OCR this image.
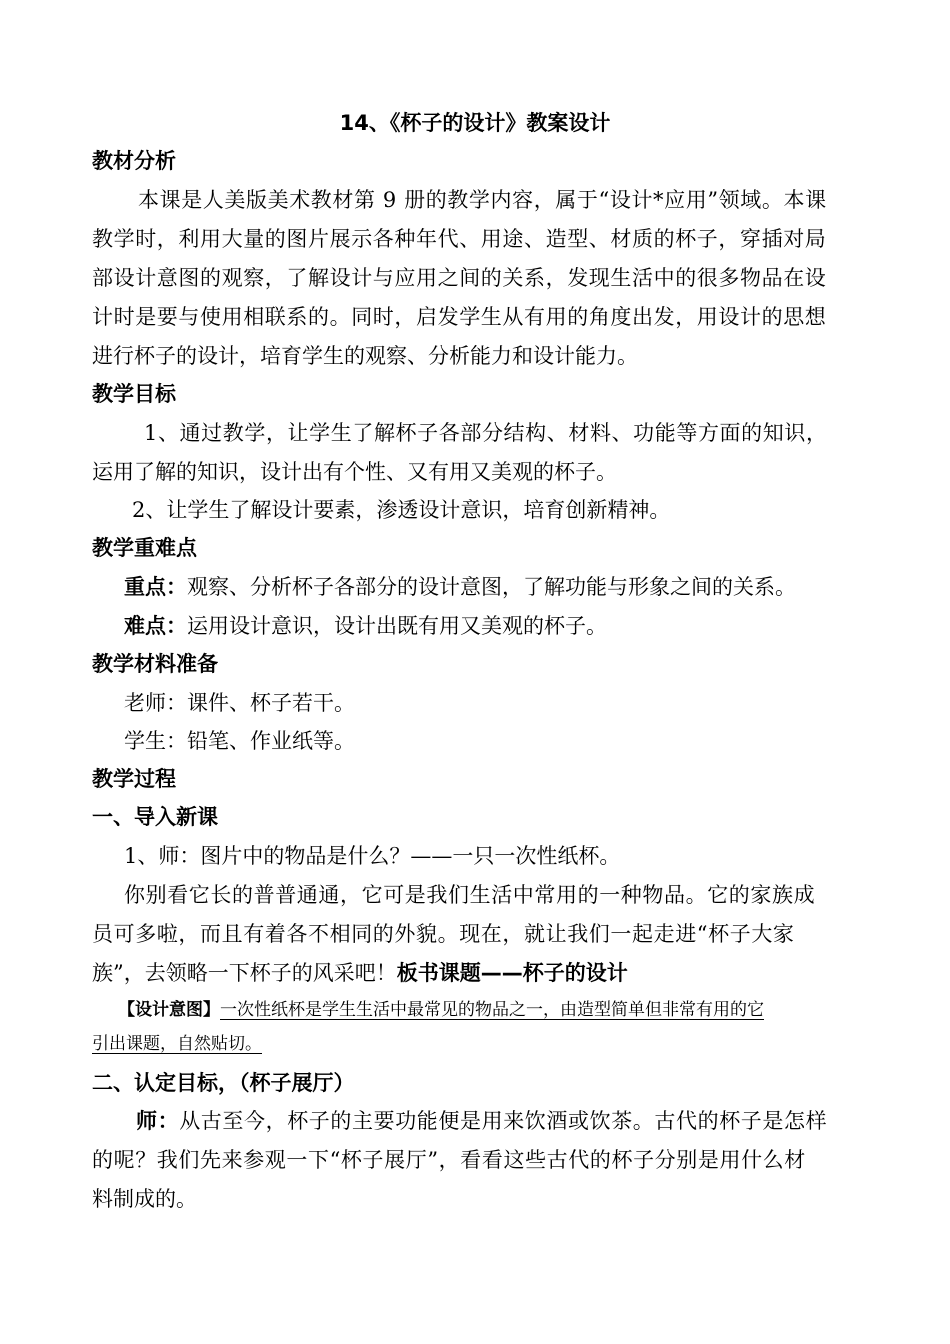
14、《杯子的设计》教案设计
教材分析
本课是人美版美术教材第 9 册的教学内容，属于“设计*应用”领域。本课
教学时，利用大量的图片展示各种年代、用途、造型、材质的杯子，穿插对局
部设计意图的观察，了解设计与应用之间的关系，发现生活中的很多物品在设
计时是要与使用相联系的。同时，启发学生从有用的角度出发，用设计的思想
进行杯子的设计，培育学生的观察、分析能力和设计能力。
教学目标
1、通过教学，让学生了解杯子各部分结构、材料、功能等方面的知识，
运用了解的知识，设计出有个性、又有用又美观的杯子。
2、让学生了解设计要素，渗透设计意识，培育创新精神。
教学重难点
重点：观察、分析杯子各部分的设计意图，了解功能与形象之间的关系。
难点：运用设计意识，设计出既有用又美观的杯子。
教学材料准备
老师：课件、杯子若干。
学生：铅笔、作业纸等。
教学过程
一、导入新课
1、师：图片中的物品是什么？——一只一次性纸杯。
你别看它长的普普通通，它可是我们生活中常用的一种物品。它的家族成
员可多啦，而且有着各不相同的外貌。现在，就让我们一起走进“杯子大家
族”，去领略一下杯子的风采吧！板书课题——杯子的设计
【设计意图】一次性纸杯是学生生活中最常见的物品之一，由造型简单但非常有用的它
引出课题，自然贴切。
二、认定目标，（杯子展厅）
师：从古至今，杯子的主要功能便是用来饮酒或饮茶。古代的杯子是怎样
的呢？我们先来参观一下“杯子展厅”，看看这些古代的杯子分别是用什么材
料制成的。
